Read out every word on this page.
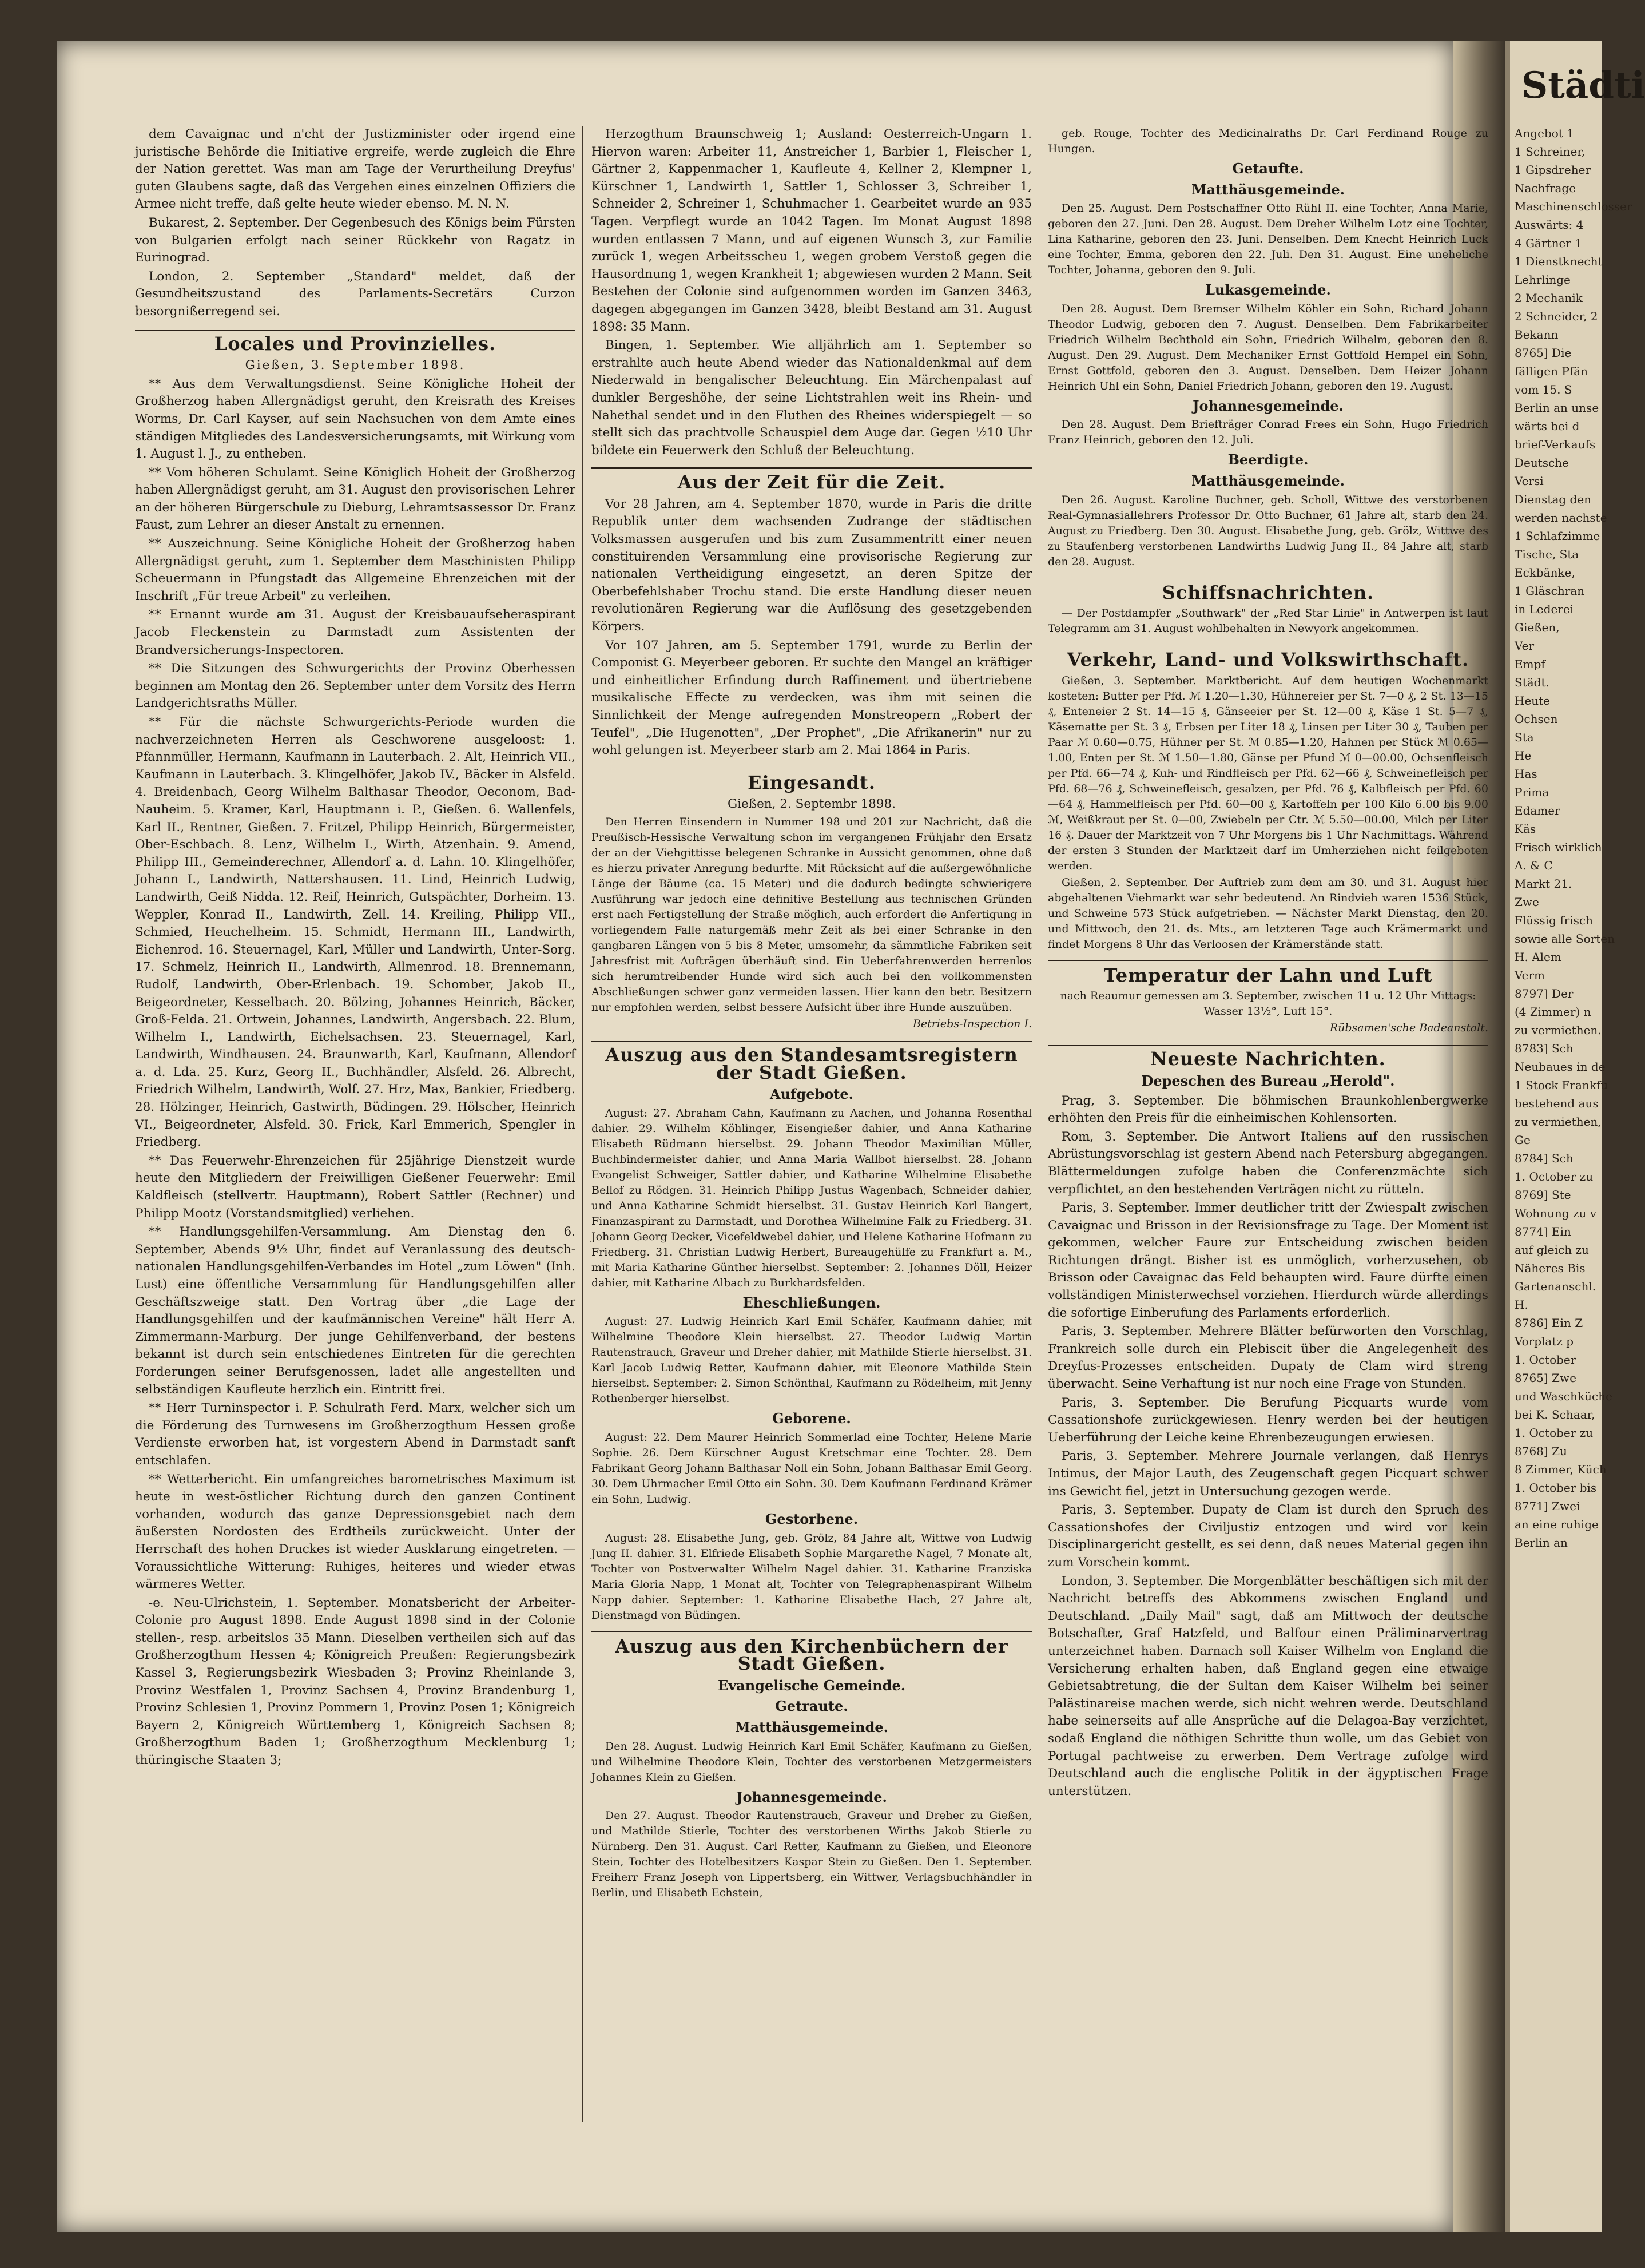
Städti
Angebot 1
1 Schreiner,
1 Gipsdreher
Nachfrage
Maschinenschlosser
Auswärts: 4
4 Gärtner 1
1 Dienstknecht
Lehrlinge
2 Mechanik
2 Schneider, 2
Bekann
8765] Die
fälligen Pfän
vom 15. S
Berlin an unse
wärts bei d
brief-Verkaufs
Deutsche
Versi
Dienstag den
werden nachste
1 Schlafzimme
Tische, Sta
Eckbänke,
1 Gläschran
in Lederei
Gießen,
Ver
Empf
Städt.
Heute
Ochsen
Sta
He
Has
Prima
Edamer
Käs
Frisch wirklich
A. & C
Markt 21.
Zwe
Flüssig frisch
sowie alle Sorten
H. Alem
Verm
8797] Der
(4 Zimmer) n
zu vermiethen.
8783] Sch
Neubaues in de
1 Stock Frankfu
bestehend aus
zu vermiethen,
Ge
8784] Sch
1. October zu
8769] Ste
Wohnung zu v
8774] Ein
auf gleich zu
Näheres Bis
Gartenanschl.
H.
8786] Ein Z
Vorplatz p
1. October
8765] Zwe
und Waschküche
bei K. Schaar,
1. October zu
8768] Zu
8 Zimmer, Küch
1. October bis
8771] Zwei
an eine ruhige
Berlin an

dem Cavaignac und n'cht der Justizminister oder irgend eine juristische Behörde die Initiative ergreife, werde zugleich die Ehre der Nation gerettet. Was man am Tage der Verurtheilung Dreyfus' guten Glaubens sagte, daß das Vergehen eines einzelnen Offiziers die Armee nicht treffe, daß gelte heute wieder ebenso. M. N. N.

Bukarest, 2. September. Der Gegenbesuch des Königs beim Fürsten von Bulgarien erfolgt nach seiner Rückkehr von Ragatz in Eurinograd.

London, 2. September „Standard" meldet, daß der Gesundheitszustand des Parlaments-Secretärs Curzon besorgnißerregend sei.

Locales und Provinzielles.

Gießen, 3. September 1898.

** Aus dem Verwaltungsdienst. Seine Königliche Hoheit der Großherzog haben Allergnädigst geruht, den Kreisrath des Kreises Worms, Dr. Carl Kayser, auf sein Nachsuchen von dem Amte eines ständigen Mitgliedes des Landesversicherungsamts, mit Wirkung vom 1. August l. J., zu entheben.

** Vom höheren Schulamt. Seine Königlich Hoheit der Großherzog haben Allergnädigst geruht, am 31. August den provisorischen Lehrer an der höheren Bürgerschule zu Dieburg, Lehramtsassessor Dr. Franz Faust, zum Lehrer an dieser Anstalt zu ernennen.

** Auszeichnung. Seine Königliche Hoheit der Großherzog haben Allergnädigst geruht, zum 1. September dem Maschinisten Philipp Scheuermann in Pfungstadt das Allgemeine Ehrenzeichen mit der Inschrift „Für treue Arbeit" zu verleihen.

** Ernannt wurde am 31. August der Kreisbauaufseheraspirant Jacob Fleckenstein zu Darmstadt zum Assistenten der Brandversicherungs-Inspectoren.

** Die Sitzungen des Schwurgerichts der Provinz Oberhessen beginnen am Montag den 26. September unter dem Vorsitz des Herrn Landgerichtsraths Müller.

** Für die nächste Schwurgerichts-Periode wurden die nachverzeichneten Herren als Geschworene ausgeloost: 1. Pfannmüller, Hermann, Kaufmann in Lauterbach. 2. Alt, Heinrich VII., Kaufmann in Lauterbach. 3. Klingelhöfer, Jakob IV., Bäcker in Alsfeld. 4. Breidenbach, Georg Wilhelm Balthasar Theodor, Oeconom, Bad-Nauheim. 5. Kramer, Karl, Hauptmann i. P., Gießen. 6. Wallenfels, Karl II., Rentner, Gießen. 7. Fritzel, Philipp Heinrich, Bürgermeister, Ober-Eschbach. 8. Lenz, Wilhelm I., Wirth, Atzenhain. 9. Amend, Philipp III., Gemeinderechner, Allendorf a. d. Lahn. 10. Klingelhöfer, Johann I., Landwirth, Nattershausen. 11. Lind, Heinrich Ludwig, Landwirth, Geiß Nidda. 12. Reif, Heinrich, Gutspächter, Dorheim. 13. Weppler, Konrad II., Landwirth, Zell. 14. Kreiling, Philipp VII., Schmied, Heuchelheim. 15. Schmidt, Hermann III., Landwirth, Eichenrod. 16. Steuernagel, Karl, Müller und Landwirth, Unter-Sorg. 17. Schmelz, Heinrich II., Landwirth, Allmenrod. 18. Brennemann, Rudolf, Landwirth, Ober-Erlenbach. 19. Schomber, Jakob II., Beigeordneter, Kesselbach. 20. Bölzing, Johannes Heinrich, Bäcker, Groß-Felda. 21. Ortwein, Johannes, Landwirth, Angersbach. 22. Blum, Wilhelm I., Landwirth, Eichelsachsen. 23. Steuernagel, Karl, Landwirth, Windhausen. 24. Braunwarth, Karl, Kaufmann, Allendorf a. d. Lda. 25. Kurz, Georg II., Buchhändler, Alsfeld. 26. Albrecht, Friedrich Wilhelm, Landwirth, Wolf. 27. Hrz, Max, Bankier, Friedberg. 28. Hölzinger, Heinrich, Gastwirth, Büdingen. 29. Hölscher, Heinrich VI., Beigeordneter, Alsfeld. 30. Frick, Karl Emmerich, Spengler in Friedberg.

** Das Feuerwehr-Ehrenzeichen für 25jährige Dienstzeit wurde heute den Mitgliedern der Freiwilligen Gießener Feuerwehr: Emil Kaldfleisch (stellvertr. Hauptmann), Robert Sattler (Rechner) und Philipp Mootz (Vorstandsmitglied) verliehen.

** Handlungsgehilfen-Versammlung. Am Dienstag den 6. September, Abends 9½ Uhr, findet auf Veranlassung des deutsch-nationalen Handlungsgehilfen-Verbandes im Hotel „zum Löwen" (Inh. Lust) eine öffentliche Versammlung für Handlungsgehilfen aller Geschäftszweige statt. Den Vortrag über „die Lage der Handlungsgehilfen und der kaufmännischen Vereine" hält Herr A. Zimmermann-Marburg. Der junge Gehilfenverband, der bestens bekannt ist durch sein entschiedenes Eintreten für die gerechten Forderungen seiner Berufsgenossen, ladet alle angestellten und selbständigen Kaufleute herzlich ein. Eintritt frei.

** Herr Turninspector i. P. Schulrath Ferd. Marx, welcher sich um die Förderung des Turnwesens im Großherzogthum Hessen große Verdienste erworben hat, ist vorgestern Abend in Darmstadt sanft entschlafen.

** Wetterbericht. Ein umfangreiches barometrisches Maximum ist heute in west-östlicher Richtung durch den ganzen Continent vorhanden, wodurch das ganze Depressionsgebiet nach dem äußersten Nordosten des Erdtheils zurückweicht. Unter der Herrschaft des hohen Druckes ist wieder Ausklarung eingetreten. — Voraussichtliche Witterung: Ruhiges, heiteres und wieder etwas wärmeres Wetter.

-e. Neu-Ulrichstein, 1. September. Monatsbericht der Arbeiter-Colonie pro August 1898. Ende August 1898 sind in der Colonie stellen-, resp. arbeitslos 35 Mann. Dieselben vertheilen sich auf das Großherzogthum Hessen 4; Königreich Preußen: Regierungsbezirk Kassel 3, Regierungsbezirk Wiesbaden 3; Provinz Rheinlande 3, Provinz Westfalen 1, Provinz Sachsen 4, Provinz Brandenburg 1, Provinz Schlesien 1, Provinz Pommern 1, Provinz Posen 1; Königreich Bayern 2, Königreich Württemberg 1, Königreich Sachsen 8; Großherzogthum Baden 1; Großherzogthum Mecklenburg 1; thüringische Staaten 3;

Herzogthum Braunschweig 1; Ausland: Oesterreich-Ungarn 1. Hiervon waren: Arbeiter 11, Anstreicher 1, Barbier 1, Fleischer 1, Gärtner 2, Kappenmacher 1, Kaufleute 4, Kellner 2, Klempner 1, Kürschner 1, Landwirth 1, Sattler 1, Schlosser 3, Schreiber 1, Schneider 2, Schreiner 1, Schuhmacher 1. Gearbeitet wurde an 935 Tagen. Verpflegt wurde an 1042 Tagen. Im Monat August 1898 wurden entlassen 7 Mann, und auf eigenen Wunsch 3, zur Familie zurück 1, wegen Arbeitsscheu 1, wegen grobem Verstoß gegen die Hausordnung 1, wegen Krankheit 1; abgewiesen wurden 2 Mann. Seit Bestehen der Colonie sind aufgenommen worden im Ganzen 3463, dagegen abgegangen im Ganzen 3428, bleibt Bestand am 31. August 1898: 35 Mann.

Bingen, 1. September. Wie alljährlich am 1. September so erstrahlte auch heute Abend wieder das Nationaldenkmal auf dem Niederwald in bengalischer Beleuchtung. Ein Märchenpalast auf dunkler Bergeshöhe, der seine Lichtstrahlen weit ins Rhein- und Nahethal sendet und in den Fluthen des Rheines widerspiegelt — so stellt sich das prachtvolle Schauspiel dem Auge dar. Gegen ½10 Uhr bildete ein Feuerwerk den Schluß der Beleuchtung.

Aus der Zeit für die Zeit.

Vor 28 Jahren, am 4. September 1870, wurde in Paris die dritte Republik unter dem wachsenden Zudrange der städtischen Volksmassen ausgerufen und bis zum Zusammentritt einer neuen constituirenden Versammlung eine provisorische Regierung zur nationalen Vertheidigung eingesetzt, an deren Spitze der Oberbefehlshaber Trochu stand. Die erste Handlung dieser neuen revolutionären Regierung war die Auflösung des gesetzgebenden Körpers.

Vor 107 Jahren, am 5. September 1791, wurde zu Berlin der Componist G. Meyerbeer geboren. Er suchte den Mangel an kräftiger und einheitlicher Erfindung durch Raffinement und übertriebene musikalische Effecte zu verdecken, was ihm mit seinen die Sinnlichkeit der Menge aufregenden Monstreopern „Robert der Teufel", „Die Hugenotten", „Der Prophet", „Die Afrikanerin" nur zu wohl gelungen ist. Meyerbeer starb am 2. Mai 1864 in Paris.

Eingesandt.

Gießen, 2. Septembr 1898.

Den Herren Einsendern in Nummer 198 und 201 zur Nachricht, daß die Preußisch-Hessische Verwaltung schon im vergangenen Frühjahr den Ersatz der an der Viehgittisse belegenen Schranke in Aussicht genommen, ohne daß es hierzu privater Anregung bedurfte. Mit Rücksicht auf die außergewöhnliche Länge der Bäume (ca. 15 Meter) und die dadurch bedingte schwierigere Ausführung war jedoch eine definitive Bestellung aus technischen Gründen erst nach Fertigstellung der Straße möglich, auch erfordert die Anfertigung in vorliegendem Falle naturgemäß mehr Zeit als bei einer Schranke in den gangbaren Längen von 5 bis 8 Meter, umsomehr, da sämmtliche Fabriken seit Jahresfrist mit Aufträgen überhäuft sind. Ein Ueberfahrenwerden herrenlos sich herumtreibender Hunde wird sich auch bei den vollkommensten Abschließungen schwer ganz vermeiden lassen. Hier kann den betr. Besitzern nur empfohlen werden, selbst bessere Aufsicht über ihre Hunde auszuüben.

Betriebs-Inspection I.

Auszug aus den Standesamtsregistern der Stadt Gießen.
Aufgebote.

August: 27. Abraham Cahn, Kaufmann zu Aachen, und Johanna Rosenthal dahier. 29. Wilhelm Köhlinger, Eisengießer dahier, und Anna Katharine Elisabeth Rüdmann hierselbst. 29. Johann Theodor Maximilian Müller, Buchbindermeister dahier, und Anna Maria Wallbot hierselbst. 28. Johann Evangelist Schweiger, Sattler dahier, und Katharine Wilhelmine Elisabethe Bellof zu Rödgen. 31. Heinrich Philipp Justus Wagenbach, Schneider dahier, und Anna Katharine Schmidt hierselbst. 31. Gustav Heinrich Karl Bangert, Finanzaspirant zu Darmstadt, und Dorothea Wilhelmine Falk zu Friedberg. 31. Johann Georg Decker, Vicefeldwebel dahier, und Helene Katharine Hofmann zu Friedberg. 31. Christian Ludwig Herbert, Bureaugehülfe zu Frankfurt a. M., mit Maria Katharine Günther hierselbst. September: 2. Johannes Döll, Heizer dahier, mit Katharine Albach zu Burkhardsfelden.

Eheschließungen.

August: 27. Ludwig Heinrich Karl Emil Schäfer, Kaufmann dahier, mit Wilhelmine Theodore Klein hierselbst. 27. Theodor Ludwig Martin Rautenstrauch, Graveur und Dreher dahier, mit Mathilde Stierle hierselbst. 31. Karl Jacob Ludwig Retter, Kaufmann dahier, mit Eleonore Mathilde Stein hierselbst. September: 2. Simon Schönthal, Kaufmann zu Rödelheim, mit Jenny Rothenberger hierselbst.

Geborene.

August: 22. Dem Maurer Heinrich Sommerlad eine Tochter, Helene Marie Sophie. 26. Dem Kürschner August Kretschmar eine Tochter. 28. Dem Fabrikant Georg Johann Balthasar Noll ein Sohn, Johann Balthasar Emil Georg. 30. Dem Uhrmacher Emil Otto ein Sohn. 30. Dem Kaufmann Ferdinand Krämer ein Sohn, Ludwig.

Gestorbene.

August: 28. Elisabethe Jung, geb. Grölz, 84 Jahre alt, Wittwe von Ludwig Jung II. dahier. 31. Elfriede Elisabeth Sophie Margarethe Nagel, 7 Monate alt, Tochter von Postverwalter Wilhelm Nagel dahier. 31. Katharine Franziska Maria Gloria Napp, 1 Monat alt, Tochter von Telegraphenaspirant Wilhelm Napp dahier. September: 1. Katharine Elisabethe Hach, 27 Jahre alt, Dienstmagd von Büdingen.

Auszug aus den Kirchenbüchern der Stadt Gießen.
Evangelische Gemeinde.
Getraute.
Matthäusgemeinde.

Den 28. August. Ludwig Heinrich Karl Emil Schäfer, Kaufmann zu Gießen, und Wilhelmine Theodore Klein, Tochter des verstorbenen Metzgermeisters Johannes Klein zu Gießen.

Johannesgemeinde.

Den 27. August. Theodor Rautenstrauch, Graveur und Dreher zu Gießen, und Mathilde Stierle, Tochter des verstorbenen Wirths Jakob Stierle zu Nürnberg. Den 31. August. Carl Retter, Kaufmann zu Gießen, und Eleonore Stein, Tochter des Hotelbesitzers Kaspar Stein zu Gießen. Den 1. September. Freiherr Franz Joseph von Lippertsberg, ein Wittwer, Verlagsbuchhändler in Berlin, und Elisabeth Echstein,

geb. Rouge, Tochter des Medicinalraths Dr. Carl Ferdinand Rouge zu Hungen.

Getaufte.
Matthäusgemeinde.

Den 25. August. Dem Postschaffner Otto Rühl II. eine Tochter, Anna Marie, geboren den 27. Juni. Den 28. August. Dem Dreher Wilhelm Lotz eine Tochter, Lina Katharine, geboren den 23. Juni. Denselben. Dem Knecht Heinrich Luck eine Tochter, Emma, geboren den 22. Juli. Den 31. August. Eine uneheliche Tochter, Johanna, geboren den 9. Juli.

Lukasgemeinde.

Den 28. August. Dem Bremser Wilhelm Köhler ein Sohn, Richard Johann Theodor Ludwig, geboren den 7. August. Denselben. Dem Fabrikarbeiter Friedrich Wilhelm Bechthold ein Sohn, Friedrich Wilhelm, geboren den 8. August. Den 29. August. Dem Mechaniker Ernst Gottfold Hempel ein Sohn, Ernst Gottfold, geboren den 3. August. Denselben. Dem Heizer Johann Heinrich Uhl ein Sohn, Daniel Friedrich Johann, geboren den 19. August.

Johannesgemeinde.

Den 28. August. Dem Briefträger Conrad Frees ein Sohn, Hugo Friedrich Franz Heinrich, geboren den 12. Juli.

Beerdigte.
Matthäusgemeinde.

Den 26. August. Karoline Buchner, geb. Scholl, Wittwe des verstorbenen Real-Gymnasiallehrers Professor Dr. Otto Buchner, 61 Jahre alt, starb den 24. August zu Friedberg. Den 30. August. Elisabethe Jung, geb. Grölz, Wittwe des zu Staufenberg verstorbenen Landwirths Ludwig Jung II., 84 Jahre alt, starb den 28. August.

Schiffsnachrichten.

— Der Postdampfer „Southwark" der „Red Star Linie" in Antwerpen ist laut Telegramm am 31. August wohlbehalten in Newyork angekommen.

Verkehr, Land- und Volkswirthschaft.

Gießen, 3. September. Marktbericht. Auf dem heutigen Wochenmarkt kosteten: Butter per Pfd. ℳ 1.20—1.30, Hühnereier per St. 7—0 ₰, 2 St. 13—15 ₰, Enteneier 2 St. 14—15 ₰, Gänseeier per St. 12—00 ₰, Käse 1 St. 5—7 ₰, Käsematte per St. 3 ₰, Erbsen per Liter 18 ₰, Linsen per Liter 30 ₰, Tauben per Paar ℳ 0.60—0.75, Hühner per St. ℳ 0.85—1.20, Hahnen per Stück ℳ 0.65—1.00, Enten per St. ℳ 1.50—1.80, Gänse per Pfund ℳ 0—00.00, Ochsenfleisch per Pfd. 66—74 ₰, Kuh- und Rindfleisch per Pfd. 62—66 ₰, Schweinefleisch per Pfd. 68—76 ₰, Schweinefleisch, gesalzen, per Pfd. 76 ₰, Kalbfleisch per Pfd. 60—64 ₰, Hammelfleisch per Pfd. 60—00 ₰, Kartoffeln per 100 Kilo 6.00 bis 9.00 ℳ, Weißkraut per St. 0—00, Zwiebeln per Ctr. ℳ 5.50—00.00, Milch per Liter 16 ₰. Dauer der Marktzeit von 7 Uhr Morgens bis 1 Uhr Nachmittags. Während der ersten 3 Stunden der Marktzeit darf im Umherziehen nicht feilgeboten werden.

Gießen, 2. September. Der Auftrieb zum dem am 30. und 31. August hier abgehaltenen Viehmarkt war sehr bedeutend. An Rindvieh waren 1536 Stück, und Schweine 573 Stück aufgetrieben. — Nächster Markt Dienstag, den 20. und Mittwoch, den 21. ds. Mts., am letzteren Tage auch Krämermarkt und findet Morgens 8 Uhr das Verloosen der Krämerstände statt.

Temperatur der Lahn und Luft

nach Reaumur gemessen am 3. September, zwischen 11 u. 12 Uhr Mittags: Wasser 13½°, Luft 15°.

Rübsamen'sche Badeanstalt.

Neueste Nachrichten.
Depeschen des Bureau „Herold".

Prag, 3. September. Die böhmischen Braunkohlenbergwerke erhöhten den Preis für die einheimischen Kohlensorten.

Rom, 3. September. Die Antwort Italiens auf den russischen Abrüstungsvorschlag ist gestern Abend nach Petersburg abgegangen. Blättermeldungen zufolge haben die Conferenzmächte sich verpflichtet, an den bestehenden Verträgen nicht zu rütteln.

Paris, 3. September. Immer deutlicher tritt der Zwiespalt zwischen Cavaignac und Brisson in der Revisionsfrage zu Tage. Der Moment ist gekommen, welcher Faure zur Entscheidung zwischen beiden Richtungen drängt. Bisher ist es unmöglich, vorherzusehen, ob Brisson oder Cavaignac das Feld behaupten wird. Faure dürfte einen vollständigen Ministerwechsel vorziehen. Hierdurch würde allerdings die sofortige Einberufung des Parlaments erforderlich.

Paris, 3. September. Mehrere Blätter befürworten den Vorschlag, Frankreich solle durch ein Plebiscit über die Angelegenheit des Dreyfus-Prozesses entscheiden. Dupaty de Clam wird streng überwacht. Seine Verhaftung ist nur noch eine Frage von Stunden.

Paris, 3. September. Die Berufung Picquarts wurde vom Cassationshofe zurückgewiesen. Henry werden bei der heutigen Ueberführung der Leiche keine Ehrenbezeugungen erwiesen.

Paris, 3. September. Mehrere Journale verlangen, daß Henrys Intimus, der Major Lauth, des Zeugenschaft gegen Picquart schwer ins Gewicht fiel, jetzt in Untersuchung gezogen werde.

Paris, 3. September. Dupaty de Clam ist durch den Spruch des Cassationshofes der Civiljustiz entzogen und wird vor kein Disciplinargericht gestellt, es sei denn, daß neues Material gegen ihn zum Vorschein kommt.

London, 3. September. Die Morgenblätter beschäftigen sich mit der Nachricht betreffs des Abkommens zwischen England und Deutschland. „Daily Mail" sagt, daß am Mittwoch der deutsche Botschafter, Graf Hatzfeld, und Balfour einen Präliminarvertrag unterzeichnet haben. Darnach soll Kaiser Wilhelm von England die Versicherung erhalten haben, daß England gegen eine etwaige Gebietsabtretung, die der Sultan dem Kaiser Wilhelm bei seiner Palästinareise machen werde, sich nicht wehren werde. Deutschland habe seinerseits auf alle Ansprüche auf die Delagoa-Bay verzichtet, sodaß England die nöthigen Schritte thun wolle, um das Gebiet von Portugal pachtweise zu erwerben. Dem Vertrage zufolge wird Deutschland auch die englische Politik in der ägyptischen Frage unterstützen.
